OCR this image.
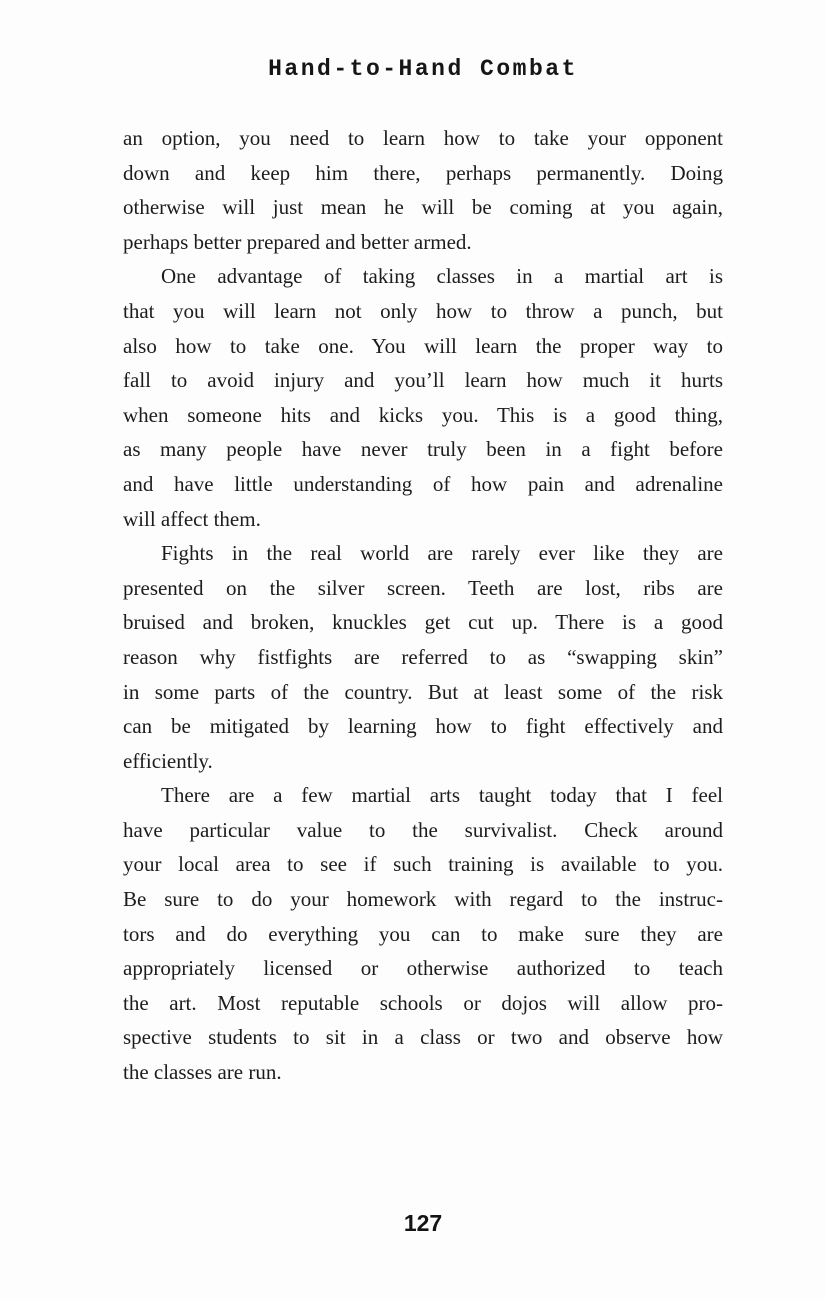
Hand-to-Hand Combat
an option, you need to learn how to take your opponent
down and keep him there, perhaps permanently. Doing
otherwise will just mean he will be coming at you again,
perhaps better prepared and better armed.
One advantage of taking classes in a martial art is
that you will learn not only how to throw a punch, but
also how to take one. You will learn the proper way to
fall to avoid injury and you’ll learn how much it hurts
when someone hits and kicks you. This is a good thing,
as many people have never truly been in a fight before
and have little understanding of how pain and adrenaline
will affect them.
Fights in the real world are rarely ever like they are
presented on the silver screen. Teeth are lost, ribs are
bruised and broken, knuckles get cut up. There is a good
reason why fistfights are referred to as “swapping skin”
in some parts of the country. But at least some of the risk
can be mitigated by learning how to fight effectively and
efficiently.
There are a few martial arts taught today that I feel
have particular value to the survivalist. Check around
your local area to see if such training is available to you.
Be sure to do your homework with regard to the instruc-
tors and do everything you can to make sure they are
appropriately licensed or otherwise authorized to teach
the art. Most reputable schools or dojos will allow pro-
spective students to sit in a class or two and observe how
the classes are run.
127
